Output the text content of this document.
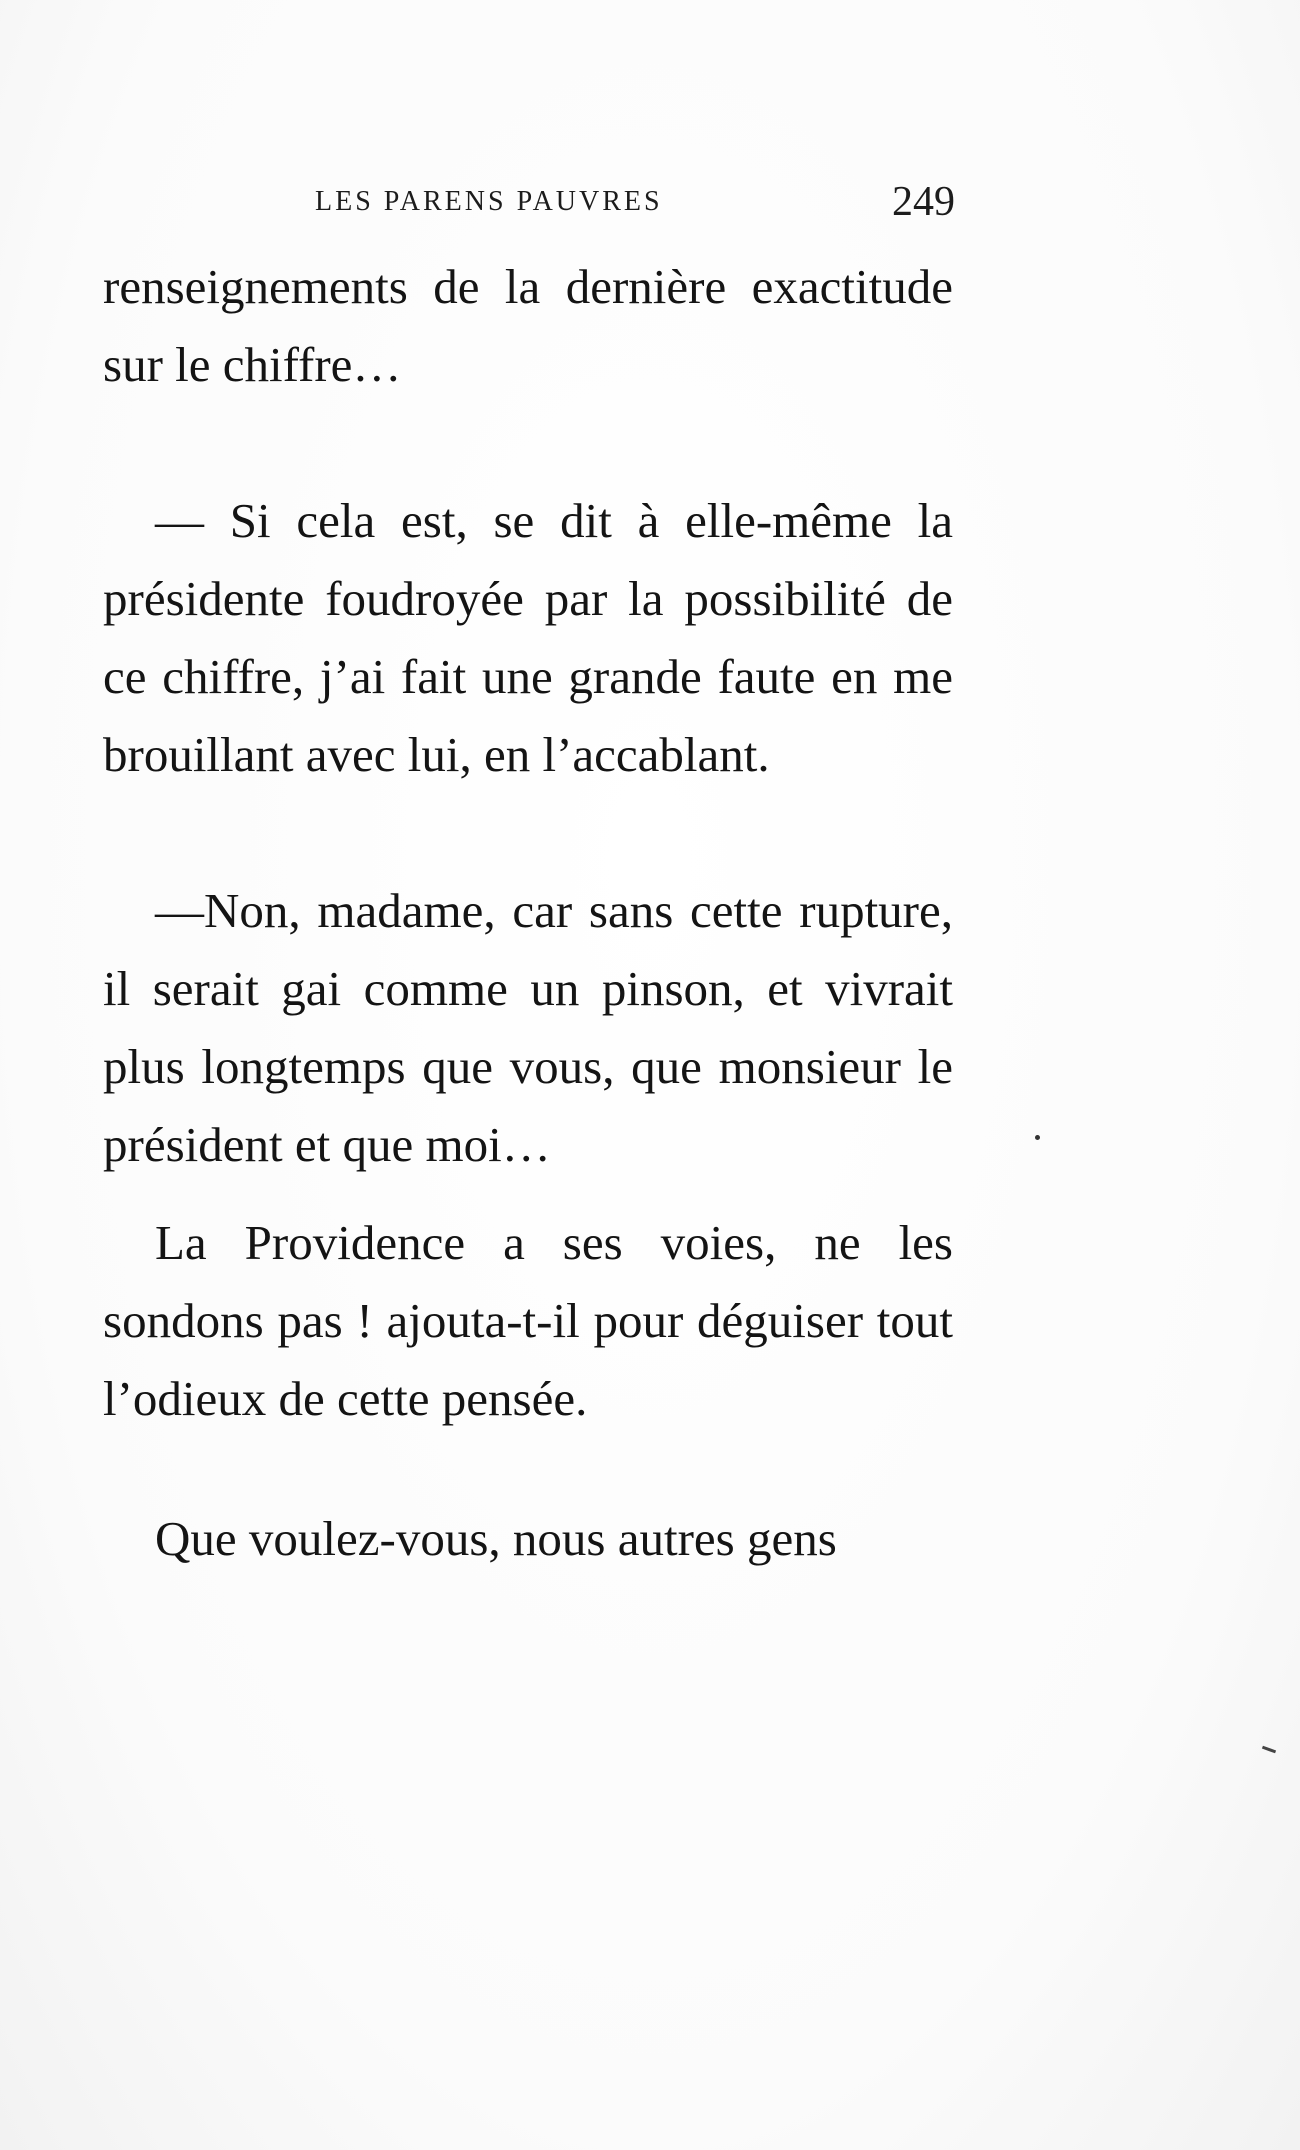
LES PARENS PAUVRES	249

renseignements de la dernière exactitude sur le chiffre…

— Si cela est, se dit à elle-même la présidente foudroyée par la possibilité de ce chiffre, j’ai fait une grande faute en me brouillant avec lui, en l’accablant.

—Non, madame, car sans cette rupture, il serait gai comme un pinson, et vivrait plus longtemps que vous, que monsieur le président et que moi…

La Providence a ses voies, ne les sondons pas ! ajouta-t-il pour déguiser tout l’odieux de cette pensée.

Que voulez-vous, nous autres gens
